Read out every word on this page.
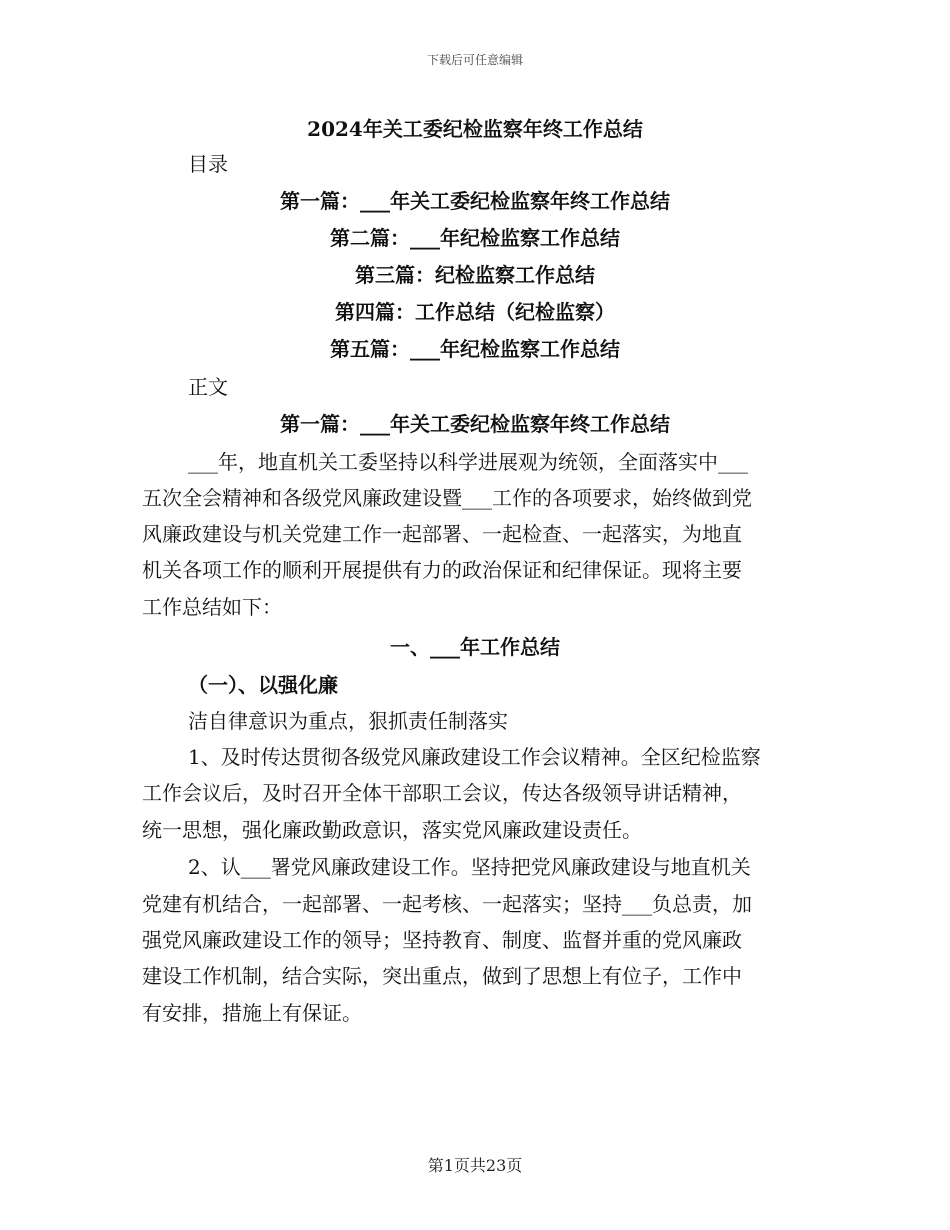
下载后可任意编辑
2024年关工委纪检监察年终工作总结
目录
第一篇：___年关工委纪检监察年终工作总结
第二篇：___年纪检监察工作总结
第三篇：纪检监察工作总结
第四篇：工作总结（纪检监察）
第五篇：___年纪检监察工作总结
正文
第一篇：___年关工委纪检监察年终工作总结
___年，地直机关工委坚持以科学进展观为统领，全面落实中___
五次全会精神和各级党风廉政建设暨___工作的各项要求，始终做到党
风廉政建设与机关党建工作一起部署、一起检查、一起落实，为地直
机关各项工作的顺利开展提供有力的政治保证和纪律保证。现将主要
工作总结如下：
一、___年工作总结
（一）、以强化廉
洁自律意识为重点，狠抓责任制落实
1、及时传达贯彻各级党风廉政建设工作会议精神。全区纪检监察
工作会议后，及时召开全体干部职工会议，传达各级领导讲话精神，
统一思想，强化廉政勤政意识，落实党风廉政建设责任。
2、认___署党风廉政建设工作。坚持把党风廉政建设与地直机关
党建有机结合，一起部署、一起考核、一起落实；坚持___负总责，加
强党风廉政建设工作的领导；坚持教育、制度、监督并重的党风廉政
建设工作机制，结合实际，突出重点，做到了思想上有位子，工作中
有安排，措施上有保证。
第1页共23页
